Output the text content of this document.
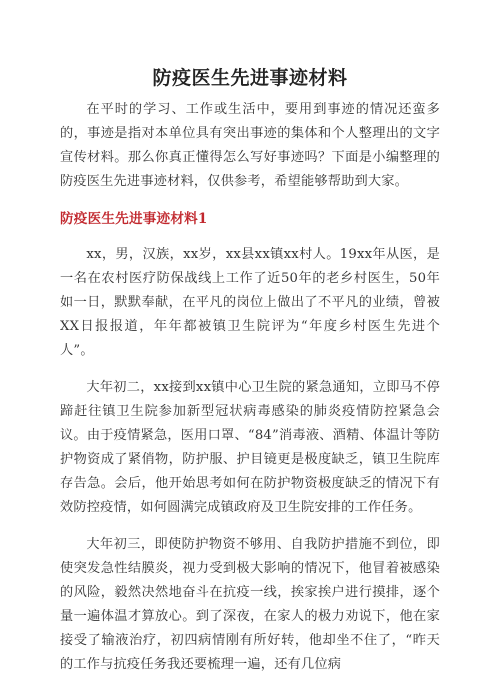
防疫医生先进事迹材料

在平时的学习、工作或生活中，要用到事迹的情况还蛮多的，事迹是指对本单位具有突出事迹的集体和个人整理出的文字宣传材料。那么你真正懂得怎么写好事迹吗？下面是小编整理的防疫医生先进事迹材料，仅供参考，希望能够帮助到大家。

防疫医生先进事迹材料1

xx，男，汉族，xx岁，xx县xx镇xx村人。19xx年从医，是一名在农村医疗防保战线上工作了近50年的老乡村医生，50年如一日，默默奉献，在平凡的岗位上做出了不平凡的业绩，曾被XX日报报道，年年都被镇卫生院评为“年度乡村医生先进个人”。

大年初二，xx接到xx镇中心卫生院的紧急通知，立即马不停蹄赶往镇卫生院参加新型冠状病毒感染的肺炎疫情防控紧急会议。由于疫情紧急，医用口罩、“84”消毒液、酒精、体温计等防护物资成了紧俏物，防护服、护目镜更是极度缺乏，镇卫生院库存告急。会后，他开始思考如何在防护物资极度缺乏的情况下有效防控疫情，如何圆满完成镇政府及卫生院安排的工作任务。

大年初三，即使防护物资不够用、自我防护措施不到位，即使突发急性结膜炎，视力受到极大影响的情况下，他冒着被感染的风险，毅然决然地奋斗在抗疫一线，挨家挨户进行摸排，逐个量一遍体温才算放心。到了深夜，在家人的极力劝说下，他在家接受了输液治疗，初四病情刚有所好转，他却坐不住了，“昨天的工作与抗疫任务我还要梳理一遍，还有几位病
